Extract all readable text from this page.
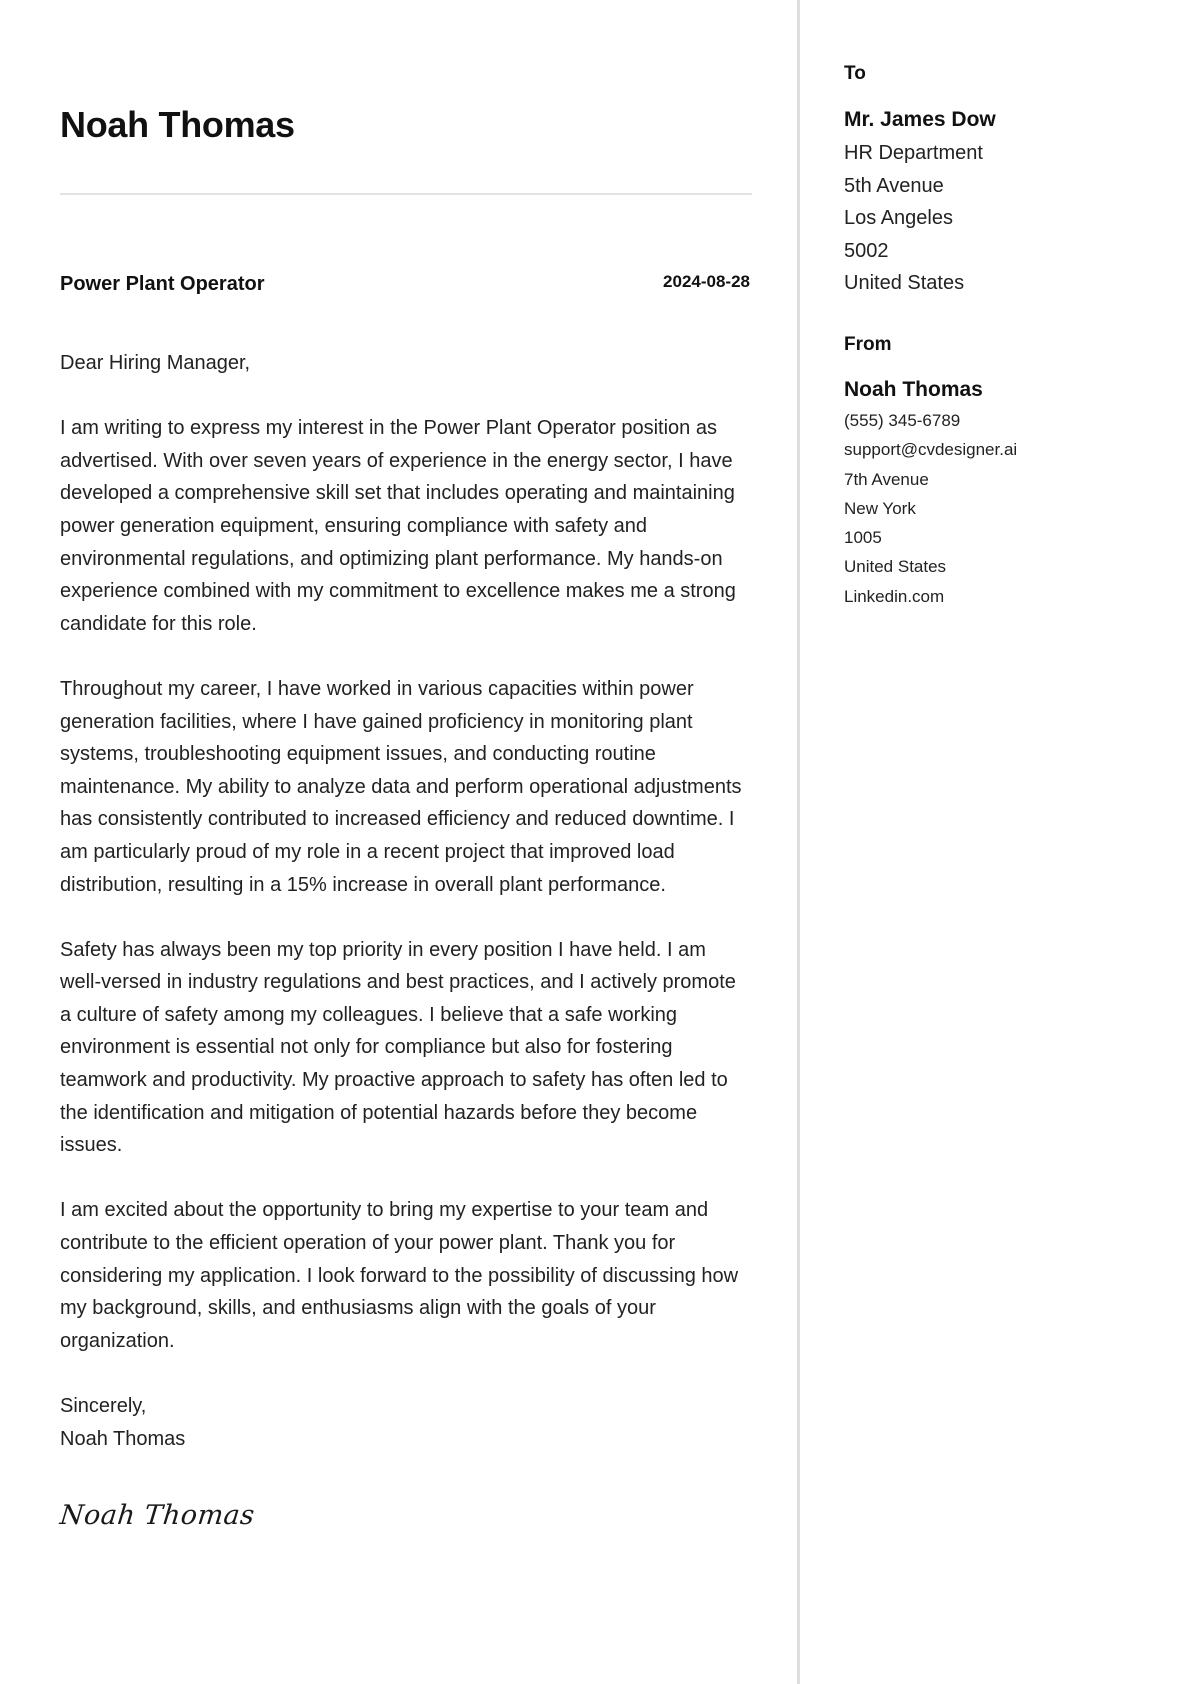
Noah Thomas
Power Plant Operator	2024-08-28

Dear Hiring Manager,

I am writing to express my interest in the Power Plant Operator position as advertised. With over seven years of experience in the energy sector, I have developed a comprehensive skill set that includes operating and maintaining power generation equipment, ensuring compliance with safety and environmental regulations, and optimizing plant performance. My hands-on experience combined with my commitment to excellence makes me a strong candidate for this role.

Throughout my career, I have worked in various capacities within power generation facilities, where I have gained proficiency in monitoring plant systems, troubleshooting equipment issues, and conducting routine maintenance. My ability to analyze data and perform operational adjustments has consistently contributed to increased efficiency and reduced downtime. I am particularly proud of my role in a recent project that improved load distribution, resulting in a 15% increase in overall plant performance.

Safety has always been my top priority in every position I have held. I am well-versed in industry regulations and best practices, and I actively promote a culture of safety among my colleagues. I believe that a safe working environment is essential not only for compliance but also for fostering teamwork and productivity. My proactive approach to safety has often led to the identification and mitigation of potential hazards before they become issues.

I am excited about the opportunity to bring my expertise to your team and contribute to the efficient operation of your power plant. Thank you for considering my application. I look forward to the possibility of discussing how my background, skills, and enthusiasms align with the goals of your organization.

Sincerely,
Noah Thomas
Noah Thomas
To
Mr. James Dow
HR Department
5th Avenue
Los Angeles
5002
United States
From
Noah Thomas
(555) 345-6789
support@cvdesigner.ai
7th Avenue
New York
1005
United States
Linkedin.com
